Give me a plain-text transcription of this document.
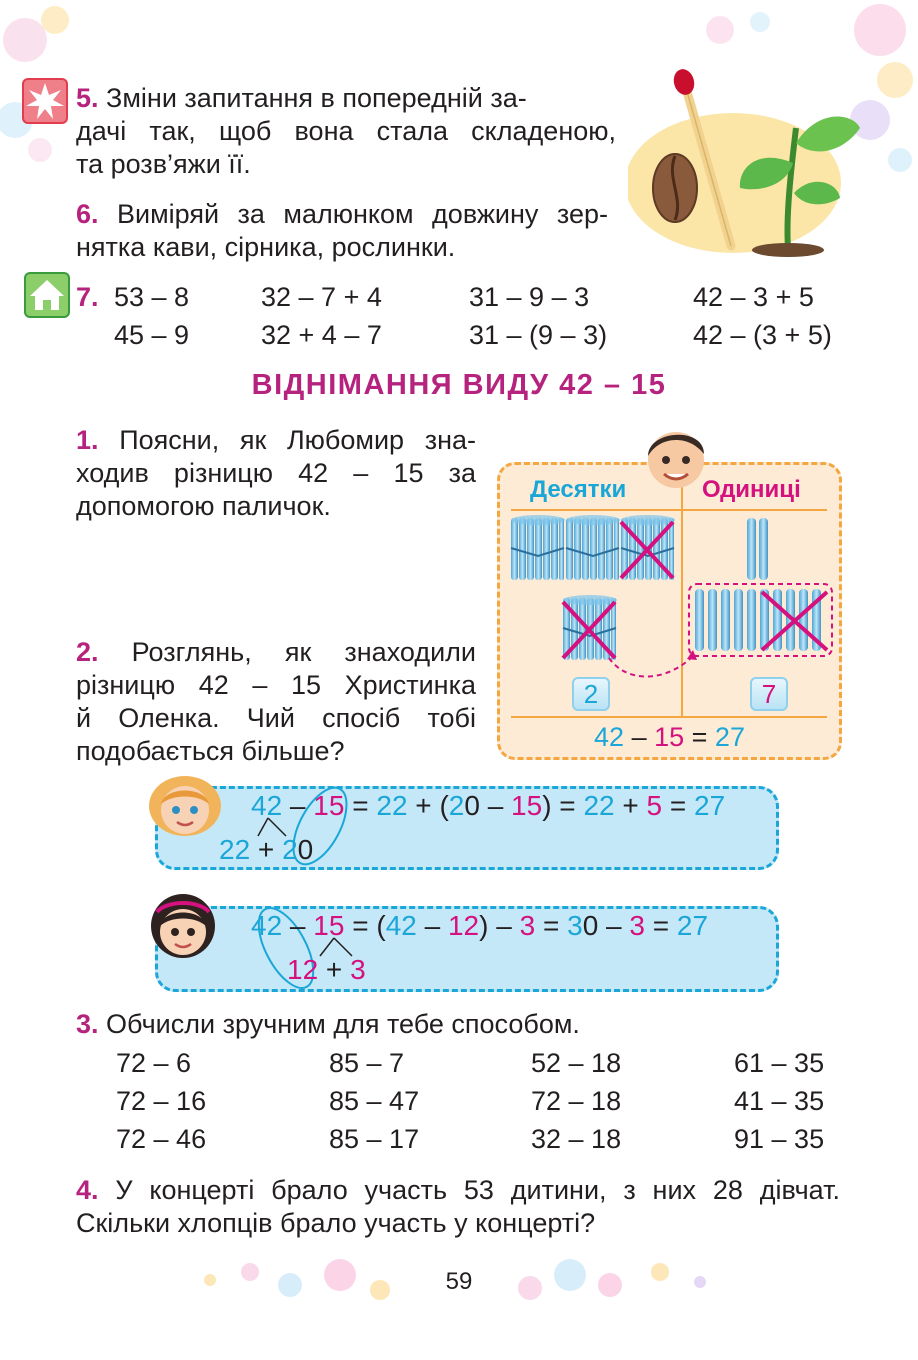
5. Зміни запитання в попередній за-
дачі так, щоб вона стала складеною,
та розв’яжи її.
6. Виміряй за малюнком довжину зер-
нятка кави, сірника, рослинки.
7. 53 – 8	32 – 7 + 4	31 – 9 – 3	42 – 3 + 5
45 – 9	32 + 4 – 7	31 – (9 – 3)	42 – (3 + 5)
ВІДНІМАННЯ ВИДУ 42 – 15
1. Поясни, як Любомир зна-
ходив різницю 42 – 15 за
допомогою паличок.
2. Розглянь, як знаходили
різницю 42 – 15 Христинка
й Оленка. Чий спосіб тобі
подобається більше?
Десятки	Одиниці
2	7
42 – 15 = 27
42 – 15 = 22 + (20 – 15) = 22 + 5 = 27
22 + 20
42 – 15 = (42 – 12) – 3 = 30 – 3 = 27
12 + 3
3. Обчисли зручним для тебе способом.
72 – 6	85 – 7	52 – 18	61 – 35
72 – 16	85 – 47	72 – 18	41 – 35
72 – 46	85 – 17	32 – 18	91 – 35
4. У концерті брало участь 53 дитини, з них 28 дівчат.
Скільки хлопців брало участь у концерті?
59
